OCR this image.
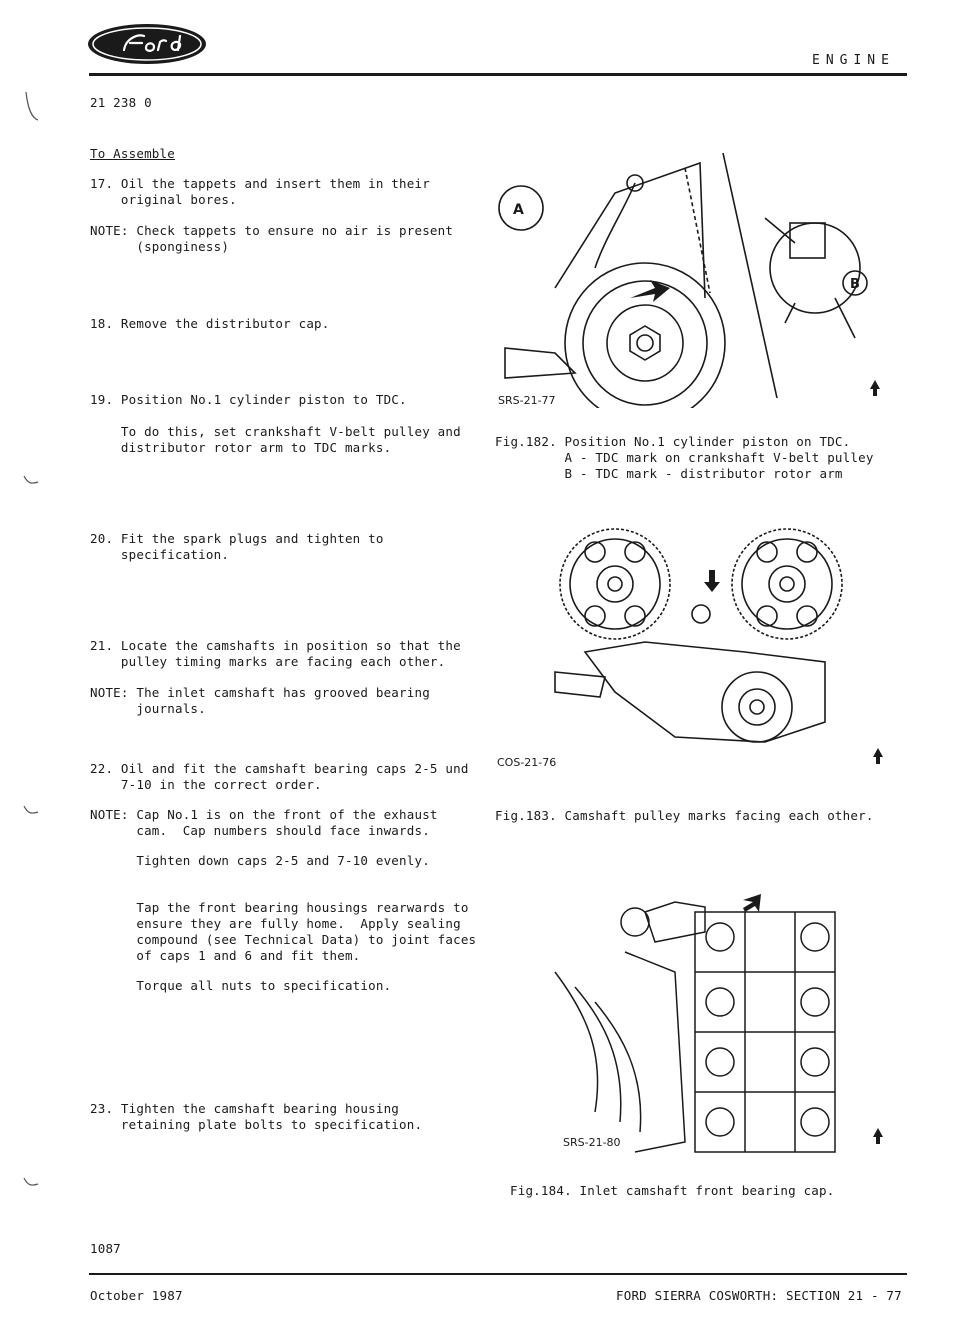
ENGINE
21 238 0
To Assemble
17. Oil the tappets and insert them in their
original bores.
NOTE: Check tappets to ensure no air is present
(sponginess)
18. Remove the distributor cap.
19. Position No.1 cylinder piston to TDC.
To do this, set crankshaft V-belt pulley and
distributor rotor arm to TDC marks.
20. Fit the spark plugs and tighten to
specification.
21. Locate the camshafts in position so that the
pulley timing marks are facing each other.
NOTE: The inlet camshaft has grooved bearing
journals.
22. Oil and fit the camshaft bearing caps 2-5 und
7-10 in the correct order.
NOTE: Cap No.1 is on the front of the exhaust
cam.  Cap numbers should face inwards.
Tighten down caps 2-5 and 7-10 evenly.
Tap the front bearing housings rearwards to
ensure they are fully home.  Apply sealing
compound (see Technical Data) to joint faces
of caps 1 and 6 and fit them.
Torque all nuts to specification.
23. Tighten the camshaft bearing housing
retaining plate bolts to specification.
A
B
SRS-21-77
Fig.182. Position No.1 cylinder piston on TDC.
A - TDC mark on crankshaft V-belt pulley
B - TDC mark - distributor rotor arm
COS-21-76
Fig.183. Camshaft pulley marks facing each other.
SRS-21-80
Fig.184. Inlet camshaft front bearing cap.
1087
October 1987	FORD SIERRA COSWORTH: SECTION 21 - 77
